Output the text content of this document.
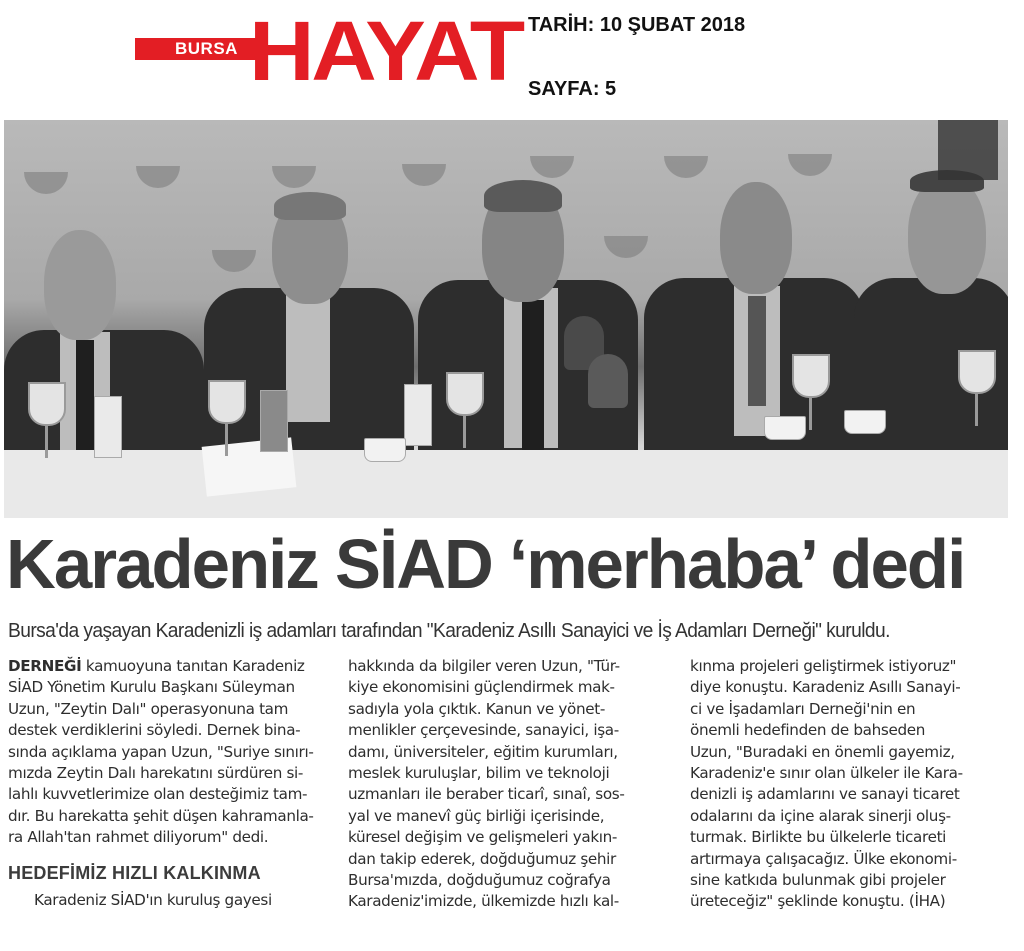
BURSA HAYAT TARİH: 10 ŞUBAT 2018
SAYFA: 5
Karadeniz SİAD ‘merhaba’ dedi
Bursa'da yaşayan Karadenizli iş adamları tarafından "Karadeniz Asıllı Sanayici ve İş Adamları Derneği" kuruldu.

DERNEĞİ kamuoyuna tanıtan Karadeniz

SİAD Yönetim Kurulu Başkanı Süleyman

Uzun, "Zeytin Dalı" operasyonuna tam

destek verdiklerini söyledi. Dernek bina-

sında açıklama yapan Uzun, "Suriye sınırı-

mızda Zeytin Dalı harekatını sürdüren si-

lahlı kuvvetlerimize olan desteğimiz tam-

dır. Bu harekatta şehit düşen kahramanla-

ra Allah'tan rahmet diliyorum" dedi.

HEDEFİMİZ HIZLI KALKINMA

Karadeniz SİAD'ın kuruluş gayesi

hakkında da bilgiler veren Uzun, "Tür-

kiye ekonomisini güçlendirmek mak-

sadıyla yola çıktık. Kanun ve yönet-

menlikler çerçevesinde, sanayici, işa-

damı, üniversiteler, eğitim kurumları,

meslek kuruluşlar, bilim ve teknoloji

uzmanları ile beraber ticarî, sınaî, sos-

yal ve manevî güç birliği içerisinde,

küresel değişim ve gelişmeleri yakın-

dan takip ederek, doğduğumuz şehir

Bursa'mızda, doğduğumuz coğrafya

Karadeniz'imizde, ülkemizde hızlı kal-

kınma projeleri geliştirmek istiyoruz"

diye konuştu. Karadeniz Asıllı Sanayi-

ci ve İşadamları Derneği'nin en

önemli hedefinden de bahseden

Uzun, "Buradaki en önemli gayemiz,

Karadeniz'e sınır olan ülkeler ile Kara-

denizli iş adamlarını ve sanayi ticaret

odalarını da içine alarak sinerji oluş-

turmak. Birlikte bu ülkelerle ticareti

artırmaya çalışacağız. Ülke ekonomi-

sine katkıda bulunmak gibi projeler

üreteceğiz" şeklinde konuştu. (İHA)
